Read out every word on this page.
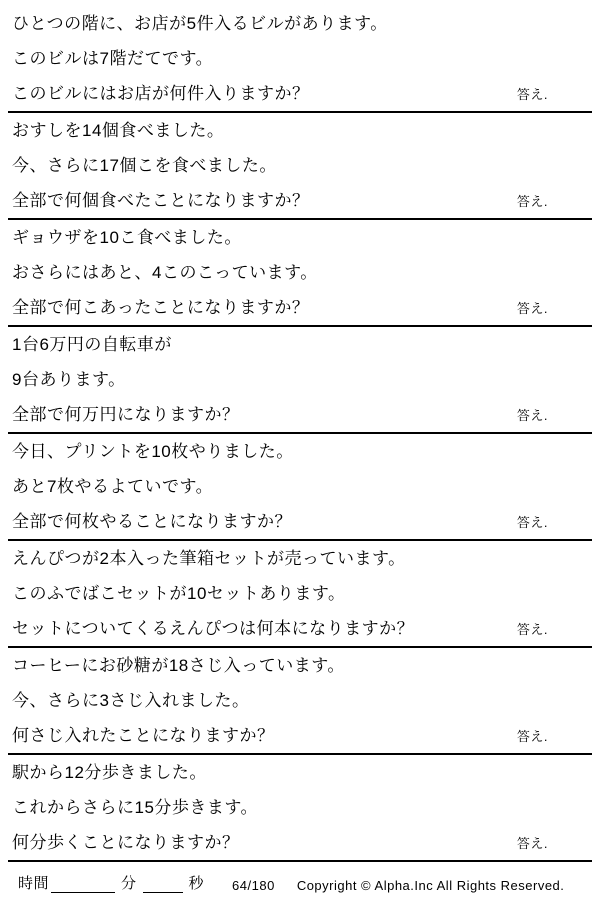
ひとつの階に、お店が5件入るビルがあります。
このビルは7階だてです。
このビルにはお店が何件入りますか？	答え.
おすしを14個食べました。
今、さらに17個こを食べました。
全部で何個食べたことになりますか？	答え.
ギョウザを10こ食べました。
おさらにはあと、4このこっています。
全部で何こあったことになりますか？	答え.
1台6万円の自転車が
9台あります。
全部で何万円になりますか？	答え.
今日、プリントを10枚やりました。
あと7枚やるよていです。
全部で何枚やることになりますか？	答え.
えんぴつが2本入った筆箱セットが売っています。
このふでばこセットが10セットあります。
セットについてくるえんぴつは何本になりますか？	答え.
コーヒーにお砂糖が18さじ入っています。
今、さらに3さじ入れました。
何さじ入れたことになりますか？	答え.
駅から12分歩きました。
これからさらに15分歩きます。
何分歩くことになりますか？	答え.
時間	分	秒	64/180 Copyright © Alpha.Inc All Rights Reserved.
